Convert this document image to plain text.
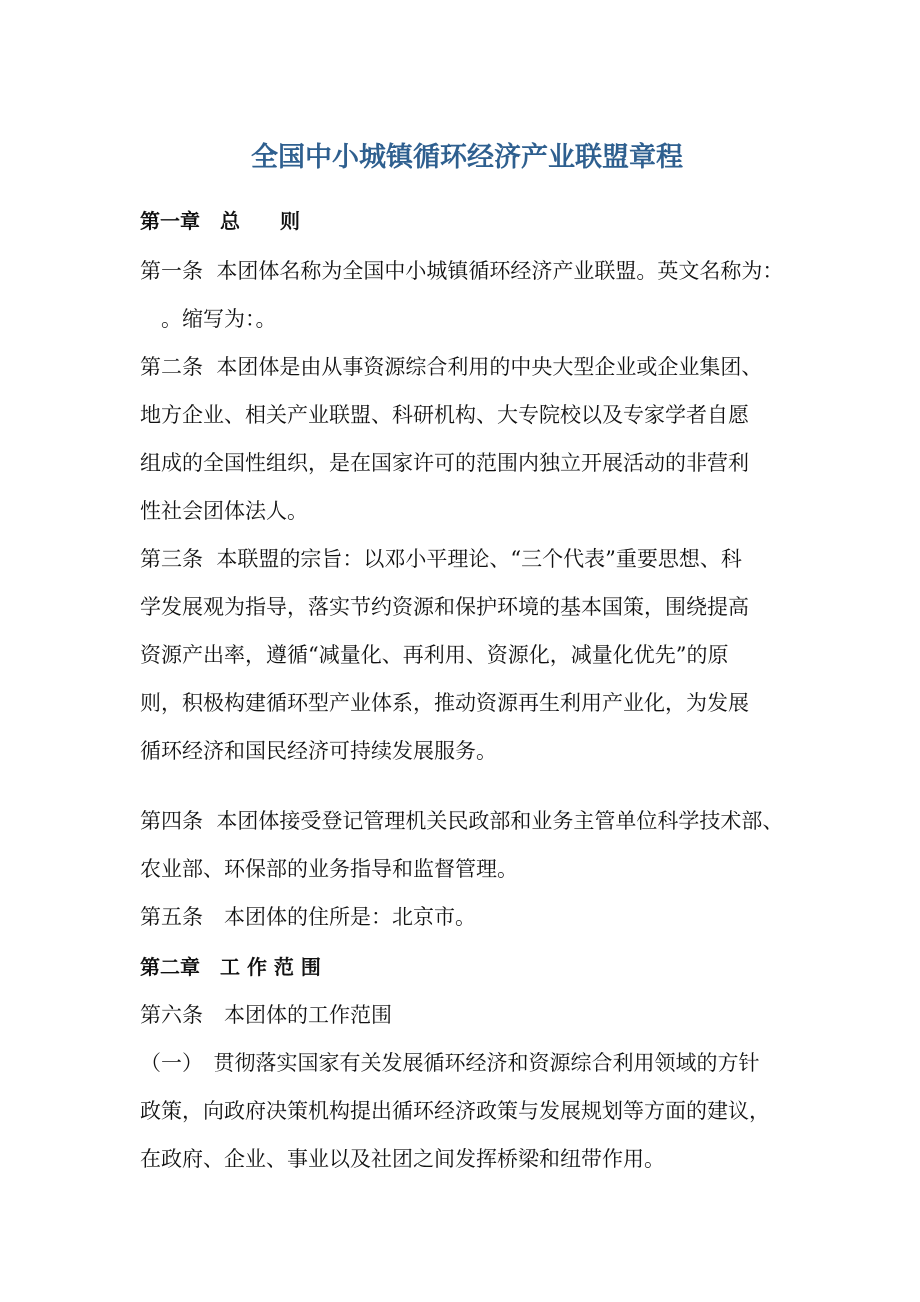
全国中小城镇循环经济产业联盟章程
第一章　总　　则
第一条  本团体名称为全国中小城镇循环经济产业联盟。英文名称为：
　。缩写为：。
第二条  本团体是由从事资源综合利用的中央大型企业或企业集团、
地方企业、相关产业联盟、科研机构、大专院校以及专家学者自愿
组成的全国性组织，是在国家许可的范围内独立开展活动的非营利
性社会团体法人。
第三条  本联盟的宗旨：以邓小平理论、“三个代表”重要思想、科
学发展观为指导，落实节约资源和保护环境的基本国策，围绕提高
资源产出率，遵循“减量化、再利用、资源化，减量化优先”的原
则，积极构建循环型产业体系，推动资源再生利用产业化，为发展
循环经济和国民经济可持续发展服务。
第四条  本团体接受登记管理机关民政部和业务主管单位科学技术部、
农业部、环保部的业务指导和监督管理。
第五条　本团体的住所是：北京市。
第二章　工 作 范 围
第六条　本团体的工作范围
（一）　贯彻落实国家有关发展循环经济和资源综合利用领域的方针
政策，向政府决策机构提出循环经济政策与发展规划等方面的建议，
在政府、企业、事业以及社团之间发挥桥梁和纽带作用。
